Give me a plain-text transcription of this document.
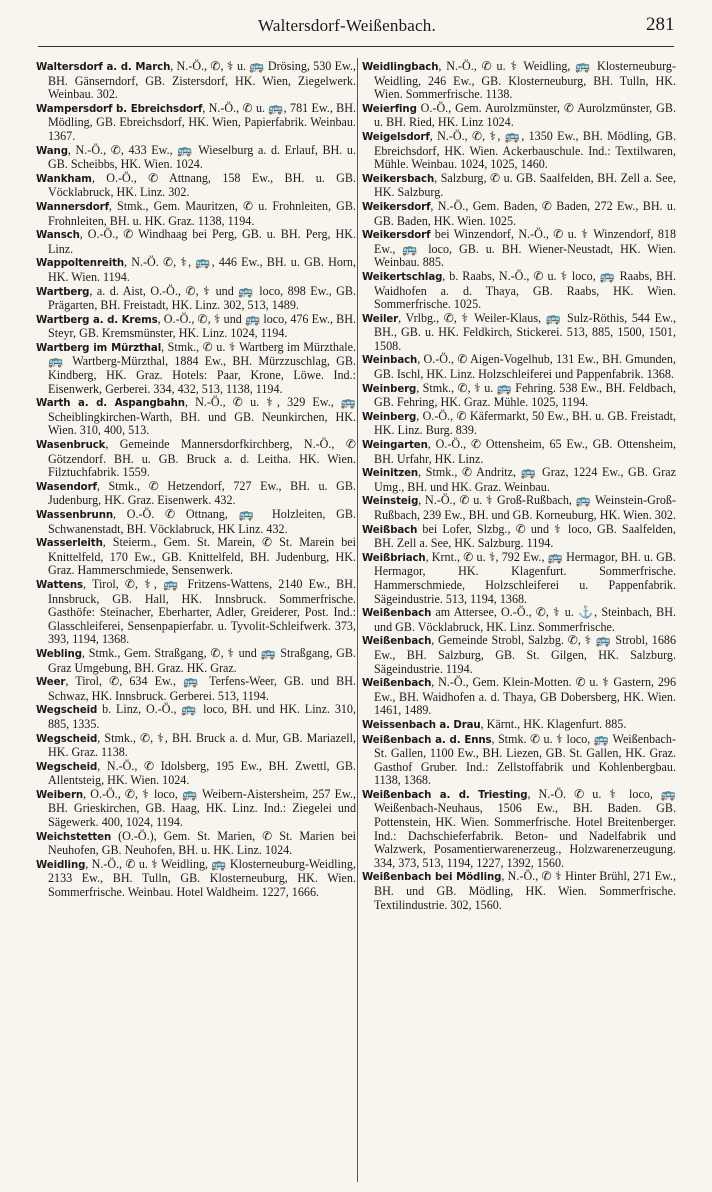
Waltersdorf-Weißenbach.	281

Waltersdorf a. d. March, N.-Ö., ✆, ⚕ u. 🚌 Drösing, 530 Ew., BH. Gänserndorf, GB. Zistersdorf, HK. Wien, Ziegelwerk. Weinbau. 302.

Wampersdorf b. Ebreichsdorf, N.-Ö., ✆ u. 🚌, 781 Ew., BH. Mödling, GB. Ebreichsdorf, HK. Wien, Papierfabrik. Weinbau. 1367.

Wang, N.-Ö., ✆, 433 Ew., 🚌 Wieselburg a. d. Erlauf, BH. u. GB. Scheibbs, HK. Wien. 1024.

Wankham, O.-Ö., ✆ Attnang, 158 Ew., BH. u. GB. Vöcklabruck, HK. Linz. 302.

Wannersdorf, Stmk., Gem. Mauritzen, ✆ u. Frohnleiten, GB. Frohnleiten, BH. u. HK. Graz. 1138, 1194.

Wansch, O.-Ö., ✆ Windhaag bei Perg, GB. u. BH. Perg, HK. Linz.

Wappoltenreith, N.-Ö. ✆, ⚕, 🚌, 446 Ew., BH. u. GB. Horn, HK. Wien. 1194.

Wartberg, a. d. Aist, O.-Ö., ✆, ⚕ und 🚌 loco, 898 Ew., GB. Prägarten, BH. Freistadt, HK. Linz. 302, 513, 1489.

Wartberg a. d. Krems, O.-Ö., ✆, ⚕ und 🚌 loco, 476 Ew., BH. Steyr, GB. Kremsmünster, HK. Linz. 1024, 1194.

Wartberg im Mürzthal, Stmk., ✆ u. ⚕ Wartberg im Mürzthale. 🚌 Wartberg-Mürzthal, 1884 Ew., BH. Mürzzuschlag, GB. Kindberg, HK. Graz. Hotels: Paar, Krone, Löwe. Ind.: Eisenwerk, Gerberei. 334, 432, 513, 1138, 1194.

Warth a. d. Aspangbahn, N.-Ö., ✆ u. ⚕, 329 Ew., 🚌 Scheiblingkirchen-Warth, BH. und GB. Neunkirchen, HK. Wien. 310, 400, 513.

Wasenbruck, Gemeinde Mannersdorfkirchberg, N.-Ö., ✆ Götzendorf. BH. u. GB. Bruck a. d. Leitha. HK. Wien. Filztuchfabrik. 1559.

Wasendorf, Stmk., ✆ Hetzendorf, 727 Ew., BH. u. GB. Judenburg, HK. Graz. Eisenwerk. 432.

Wassenbrunn, O.-Ö. ✆ Ottnang, 🚌 Holzleiten, GB. Schwanenstadt, BH. Vöcklabruck, HK Linz. 432.

Wasserleith, Steierm., Gem. St. Marein, ✆ St. Marein bei Knittelfeld, 170 Ew., GB. Knittelfeld, BH. Judenburg, HK. Graz. Hammerschmiede, Sensenwerk.

Wattens, Tirol, ✆, ⚕, 🚌 Fritzens-Wattens, 2140 Ew., BH. Innsbruck, GB. Hall, HK. Innsbruck. Sommerfrische. Gasthöfe: Steinacher, Eberharter, Adler, Greiderer, Post. Ind.: Glasschleiferei, Sensenpapierfabr. u. Tyvolit-Schleifwerk. 373, 393, 1194, 1368.

Webling, Stmk., Gem. Straßgang, ✆, ⚕ und 🚌 Straßgang, GB. Graz Umgebung, BH. Graz. HK. Graz.

Weer, Tirol, ✆, 634 Ew., 🚌 Terfens-Weer, GB. und BH. Schwaz, HK. Innsbruck. Gerberei. 513, 1194.

Wegscheid b. Linz, O.-Ö., 🚌 loco, BH. und HK. Linz. 310, 885, 1335.

Wegscheid, Stmk., ✆, ⚕, BH. Bruck a. d. Mur, GB. Mariazell, HK. Graz. 1138.

Wegscheid, N.-Ö., ✆ Idolsberg, 195 Ew., BH. Zwettl, GB. Allentsteig, HK. Wien. 1024.

Weibern, O.-Ö., ✆, ⚕ loco, 🚌 Weibern-Aistersheim, 257 Ew., BH. Grieskirchen, GB. Haag, HK. Linz. Ind.: Ziegelei und Sägewerk. 400, 1024, 1194.

Weichstetten (O.-Ö.), Gem. St. Marien, ✆ St. Marien bei Neuhofen, GB. Neuhofen, BH. u. HK. Linz. 1024.

Weidling, N.-Ö., ✆ u. ⚕ Weidling, 🚌 Klosterneuburg-Weidling, 2133 Ew., BH. Tulln, GB. Klosterneuburg, HK. Wien. Sommerfrische. Weinbau. Hotel Waldheim. 1227, 1666.

Weidlingbach, N.-Ö., ✆ u. ⚕ Weidling, 🚌 Klosterneuburg-Weidling, 246 Ew., GB. Klosterneuburg, BH. Tulln, HK. Wien. Sommerfrische. 1138.

Weierfing O.-Ö., Gem. Aurolzmünster, ✆ Aurolzmünster, GB. u. BH. Ried, HK. Linz 1024.

Weigelsdorf, N.-Ö., ✆, ⚕, 🚌, 1350 Ew., BH. Mödling, GB. Ebreichsdorf, HK. Wien. Ackerbauschule. Ind.: Textilwaren, Mühle. Weinbau. 1024, 1025, 1460.

Weikersbach, Salzburg, ✆ u. GB. Saalfelden, BH. Zell a. See, HK. Salzburg.

Weikersdorf, N.-Ö., Gem. Baden, ✆ Baden, 272 Ew., BH. u. GB. Baden, HK. Wien. 1025.

Weikersdorf bei Winzendorf, N.-Ö., ✆ u. ⚕ Winzendorf, 818 Ew., 🚌 loco, GB. u. BH. Wiener-Neustadt, HK. Wien. Weinbau. 885.

Weikertschlag, b. Raabs, N.-Ö., ✆ u. ⚕ loco, 🚌 Raabs, BH. Waidhofen a. d. Thaya, GB. Raabs, HK. Wien. Sommerfrische. 1025.

Weiler, Vrlbg., ✆, ⚕ Weiler-Klaus, 🚌 Sulz-Röthis, 544 Ew., BH., GB. u. HK. Feldkirch, Stickerei. 513, 885, 1500, 1501, 1508.

Weinbach, O.-Ö., ✆ Aigen-Vogelhub, 131 Ew., BH. Gmunden, GB. Ischl, HK. Linz. Holzschleiferei und Pappenfabrik. 1368.

Weinberg, Stmk., ✆, ⚕ u. 🚌 Fehring. 538 Ew., BH. Feldbach, GB. Fehring, HK. Graz. Mühle. 1025, 1194.

Weinberg, O.-Ö., ✆ Käfermarkt, 50 Ew., BH. u. GB. Freistadt, HK. Linz. Burg. 839.

Weingarten, O.-Ö., ✆ Ottensheim, 65 Ew., GB. Ottensheim, BH. Urfahr, HK. Linz.

Weinitzen, Stmk., ✆ Andritz, 🚌 Graz, 1224 Ew., GB. Graz Umg., BH. und HK. Graz. Weinbau.

Weinsteig, N.-Ö., ✆ u. ⚕ Groß-Rußbach, 🚌 Weinstein-Groß-Rußbach, 239 Ew., BH. und GB. Korneuburg, HK. Wien. 302.

Weißbach bei Lofer, Slzbg., ✆ und ⚕ loco, GB. Saalfelden, BH. Zell a. See, HK. Salzburg. 1194.

Weißbriach, Krnt., ✆ u. ⚕, 792 Ew., 🚌 Hermagor, BH. u. GB. Hermagor, HK. Klagenfurt. Sommerfrische. Hammerschmiede, Holzschleiferei u. Pappenfabrik. Sägeindustrie. 513, 1194, 1368.

Weißenbach am Attersee, O.-Ö., ✆, ⚕ u. ⚓, Steinbach, BH. und GB. Vöcklabruck, HK. Linz. Sommerfrische.

Weißenbach, Gemeinde Strobl, Salzbg. ✆, ⚕ 🚌 Strobl, 1686 Ew., BH. Salzburg, GB. St. Gilgen, HK. Salzburg. Sägeindustrie. 1194.

Weißenbach, N.-Ö., Gem. Klein-Motten. ✆ u. ⚕ Gastern, 296 Ew., BH. Waidhofen a. d. Thaya, GB Dobersberg, HK. Wien. 1461, 1489.

Weissenbach a. Drau, Kärnt., HK. Klagenfurt. 885.

Weißenbach a. d. Enns, Stmk. ✆ u. ⚕ loco, 🚌 Weißenbach-St. Gallen, 1100 Ew., BH. Liezen, GB. St. Gallen, HK. Graz. Gasthof Gruber. Ind.: Zellstoffabrik und Kohlenbergbau. 1138, 1368.

Weißenbach a. d. Triesting, N.-Ö. ✆ u. ⚕ loco, 🚌 Weißenbach-Neuhaus, 1506 Ew., BH. Baden. GB. Pottenstein, HK. Wien. Sommerfrische. Hotel Breitenberger. Ind.: Dachschieferfabrik. Beton- und Nadelfabrik und Walzwerk, Posamentierwarenerzeug., Holzwarenerzeugung. 334, 373, 513, 1194, 1227, 1392, 1560.

Weißenbach bei Mödling, N.-Ö., ✆ ⚕ Hinter Brühl, 271 Ew., BH. und GB. Mödling, HK. Wien. Sommerfrische. Textilindustrie. 302, 1560.
